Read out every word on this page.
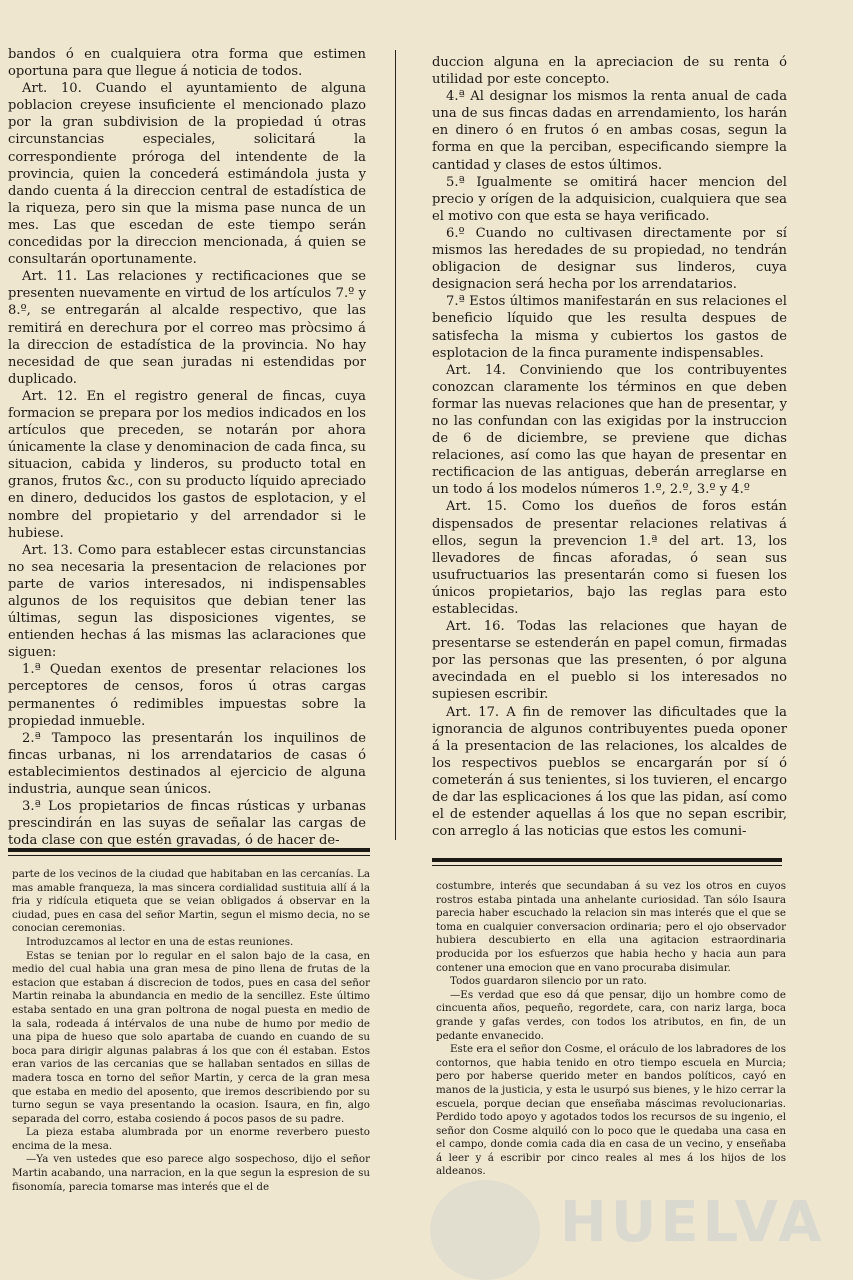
bandos ó en cualquiera otra forma que estimen oportuna para que llegue á noticia de todos.

Art. 10. Cuando el ayuntamiento de alguna poblacion creyese insuficiente el mencionado plazo por la gran subdivision de la propiedad ú otras circunstancias especiales, solicitará la correspondiente próroga del intendente de la provincia, quien la concederá estimándola justa y dando cuenta á la direccion central de estadística de la riqueza, pero sin que la misma pase nunca de un mes. Las que escedan de este tiempo serán concedidas por la direccion mencionada, á quien se consultarán oportunamente.

Art. 11. Las relaciones y rectificaciones que se presenten nuevamente en virtud de los artículos 7.º y 8.º, se entregarán al alcalde respectivo, que las remitirá en derechura por el correo mas pròcsimo á la direccion de estadística de la provincia. No hay necesidad de que sean juradas ni estendidas por duplicado.

Art. 12. En el registro general de fincas, cuya formacion se prepara por los medios indicados en los artículos que preceden, se notarán por ahora únicamente la clase y denominacion de cada finca, su situacion, cabida y linderos, su producto total en granos, frutos &c., con su producto líquido apreciado en dinero, deducidos los gastos de esplotacion, y el nombre del propietario y del arrendador si le hubiese.

Art. 13. Como para establecer estas circunstancias no sea necesaria la presentacion de relaciones por parte de varios interesados, ni indispensables algunos de los requisitos que debian tener las últimas, segun las disposiciones vigentes, se entienden hechas á las mismas las aclaraciones que siguen:

1.ª Quedan exentos de presentar relaciones los perceptores de censos, foros ú otras cargas permanentes ó redimibles impuestas sobre la propiedad inmueble.

2.ª Tampoco las presentarán los inquilinos de fincas urbanas, ni los arrendatarios de casas ó establecimientos destinados al ejercicio de alguna industria, aunque sean únicos.

3.ª Los propietarios de fincas rústicas y urbanas prescindirán en las suyas de señalar las cargas de toda clase con que estén gravadas, ó de hacer de-

duccion alguna en la apreciacion de su renta ó utilidad por este concepto.

4.ª Al designar los mismos la renta anual de cada una de sus fincas dadas en arrendamiento, los harán en dinero ó en frutos ó en ambas cosas, segun la forma en que la perciban, especificando siempre la cantidad y clases de estos últimos.

5.ª Igualmente se omitirá hacer mencion del precio y orígen de la adquisicion, cualquiera que sea el motivo con que esta se haya verificado.

6.º Cuando no cultivasen directamente por sí mismos las heredades de su propiedad, no tendrán obligacion de designar sus linderos, cuya designacion será hecha por los arrendatarios.

7.ª Estos últimos manifestarán en sus relaciones el beneficio líquido que les resulta despues de satisfecha la misma y cubiertos los gastos de esplotacion de la finca puramente indispensables.

Art. 14. Conviniendo que los contribuyentes conozcan claramente los términos en que deben formar las nuevas relaciones que han de presentar, y no las confundan con las exigidas por la instruccion de 6 de diciembre, se previene que dichas relaciones, así como las que hayan de presentar en rectificacion de las antiguas, deberán arreglarse en un todo á los modelos números 1.º, 2.º, 3.º y 4.º

Art. 15. Como los dueños de foros están dispensados de presentar relaciones relativas á ellos, segun la prevencion 1.ª del art. 13, los llevadores de fincas aforadas, ó sean sus usufructuarios las presentarán como si fuesen los únicos propietarios, bajo las reglas para esto establecidas.

Art. 16. Todas las relaciones que hayan de presentarse se estenderán en papel comun, firmadas por las personas que las presenten, ó por alguna avecindada en el pueblo si los interesados no supiesen escribir.

Art. 17. A fin de remover las dificultades que la ignorancia de algunos contribuyentes pueda oponer á la presentacion de las relaciones, los alcaldes de los respectivos pueblos se encargarán por sí ó cometerán á sus tenientes, si los tuvieren, el encargo de dar las esplicaciones á los que las pidan, así como el de estender aquellas á los que no sepan escribir, con arreglo á las noticias que estos les comuni-

parte de los vecinos de la ciudad que habitaban en las cercanías. La mas amable franqueza, la mas sincera cordialidad sustituia allí á la fria y ridícula etiqueta que se veian obligados á observar en la ciudad, pues en casa del señor Martin, segun el mismo decia, no se conocian ceremonias.

Introduzcamos al lector en una de estas reuniones.

Estas se tenian por lo regular en el salon bajo de la casa, en medio del cual habia una gran mesa de pino llena de frutas de la estacion que estaban á discrecion de todos, pues en casa del señor Martin reinaba la abundancia en medio de la sencillez. Este último estaba sentado en una gran poltrona de nogal puesta en medio de la sala, rodeada á intérvalos de una nube de humo por medio de una pipa de hueso que solo apartaba de cuando en cuando de su boca para dirigir algunas palabras á los que con él estaban. Estos eran varios de las cercanias que se hallaban sentados en sillas de madera tosca en torno del señor Martin, y cerca de la gran mesa que estaba en medio del aposento, que iremos describiendo por su turno segun se vaya presentando la ocasion. Isaura, en fin, algo separada del corro, estaba cosiendo á pocos pasos de su padre.

La pieza estaba alumbrada por un enorme reverbero puesto encima de la mesa.

—Ya ven ustedes que eso parece algo sospechoso, dijo el señor Martin acabando, una narracion, en la que segun la espresion de su fisonomía, parecia tomarse mas interés que el de

costumbre, interés que secundaban á su vez los otros en cuyos rostros estaba pintada una anhelante curiosidad. Tan sólo Isaura parecia haber escuchado la relacion sin mas interés que el que se toma en cualquier conversacion ordinaria; pero el ojo observador hubiera descubierto en ella una agitacion estraordinaria producida por los esfuerzos que habia hecho y hacia aun para contener una emocion que en vano procuraba disimular.

Todos guardaron silencio por un rato.

—Es verdad que eso dá que pensar, dijo un hombre como de cincuenta años, pequeño, regordete, cara, con nariz larga, boca grande y gafas verdes, con todos los atributos, en fin, de un pedante envanecido.

Este era el señor don Cosme, el oráculo de los labradores de los contornos, que habia tenido en otro tiempo escuela en Murcia; pero por haberse querido meter en bandos políticos, cayó en manos de la justicia, y esta le usurpó sus bienes, y le hizo cerrar la escuela, porque decian que enseñaba máscimas revolucionarias. Perdido todo apoyo y agotados todos los recursos de su ingenio, el señor don Cosme alquiló con lo poco que le quedaba una casa en el campo, donde comia cada dia en casa de un vecino, y enseñaba á leer y á escribir por cinco reales al mes á los hijos de los aldeanos.

HUELVA
